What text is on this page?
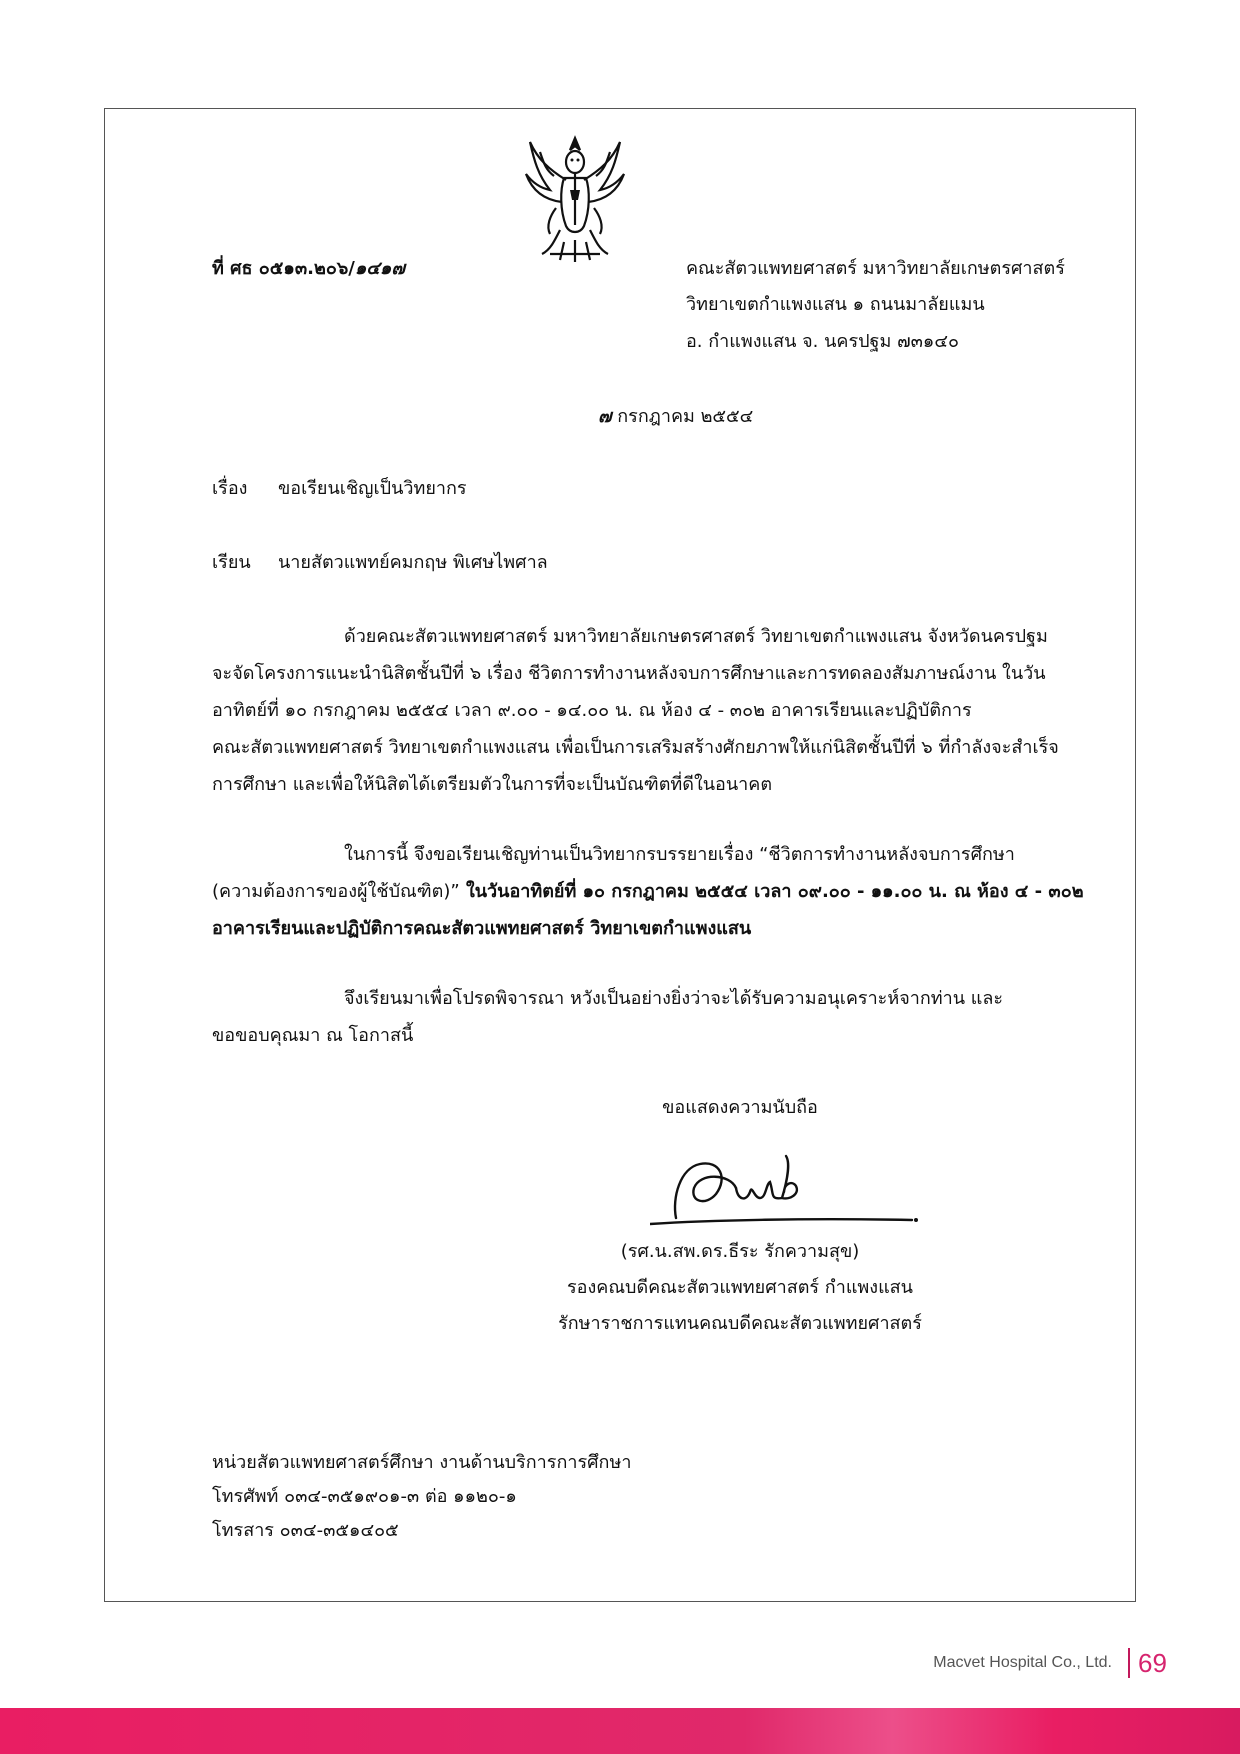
ที่ ศธ ๐๕๑๓.๒๐๖/๑๔๑๗	คณะสัตวแพทยศาสตร์ มหาวิทยาลัยเกษตรศาสตร์
วิทยาเขตกำแพงแสน ๑ ถนนมาลัยแมน
อ. กำแพงแสน จ. นครปฐม ๗๓๑๔๐
๗ กรกฎาคม ๒๕๕๔
เรื่อง ขอเรียนเชิญเป็นวิทยากร
เรียน นายสัตวแพทย์คมกฤษ พิเศษไพศาล
ด้วยคณะสัตวแพทยศาสตร์ มหาวิทยาลัยเกษตรศาสตร์ วิทยาเขตกำแพงแสน จังหวัดนครปฐม
จะจัดโครงการแนะนำนิสิตชั้นปีที่ ๖ เรื่อง ชีวิตการทำงานหลังจบการศึกษาและการทดลองสัมภาษณ์งาน ในวัน
อาทิตย์ที่ ๑๐ กรกฎาคม ๒๕๕๔ เวลา ๙.๐๐ - ๑๔.๐๐ น. ณ ห้อง ๔ - ๓๐๒ อาคารเรียนและปฏิบัติการ
คณะสัตวแพทยศาสตร์ วิทยาเขตกำแพงแสน เพื่อเป็นการเสริมสร้างศักยภาพให้แก่นิสิตชั้นปีที่ ๖ ที่กำลังจะสำเร็จ
การศึกษา และเพื่อให้นิสิตได้เตรียมตัวในการที่จะเป็นบัณฑิตที่ดีในอนาคต
ในการนี้ จึงขอเรียนเชิญท่านเป็นวิทยากรบรรยายเรื่อง “ชีวิตการทำงานหลังจบการศึกษา
(ความต้องการของผู้ใช้บัณฑิต)” ในวันอาทิตย์ที่ ๑๐ กรกฎาคม ๒๕๕๔ เวลา ๐๙.๐๐ - ๑๑.๐๐ น. ณ ห้อง ๔ - ๓๐๒
อาคารเรียนและปฏิบัติการคณะสัตวแพทยศาสตร์ วิทยาเขตกำแพงแสน
จึงเรียนมาเพื่อโปรดพิจารณา หวังเป็นอย่างยิ่งว่าจะได้รับความอนุเคราะห์จากท่าน และ
ขอขอบคุณมา ณ โอกาสนี้
ขอแสดงความนับถือ
(รศ.น.สพ.ดร.ธีระ รักความสุข)
รองคณบดีคณะสัตวแพทยศาสตร์ กำแพงแสน
รักษาราชการแทนคณบดีคณะสัตวแพทยศาสตร์
หน่วยสัตวแพทยศาสตร์ศึกษา งานด้านบริการการศึกษา
โทรศัพท์ ๐๓๔-๓๕๑๙๐๑-๓ ต่อ ๑๑๒๐-๑
โทรสาร ๐๓๔-๓๕๑๔๐๕
Macvet Hospital Co., Ltd. 69
